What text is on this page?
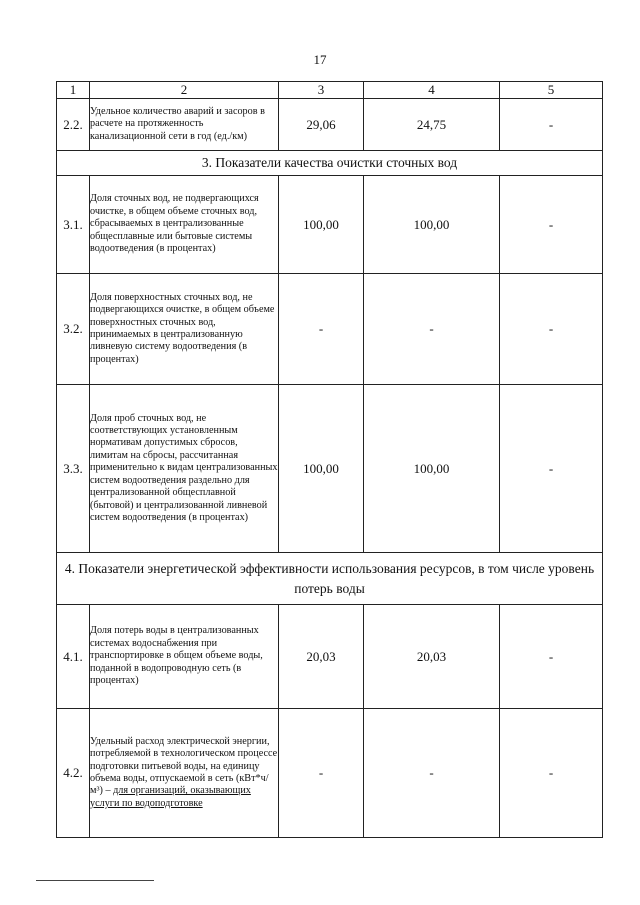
17
1	2	3	4	5
2.2.	Удельное количество аварий и засоров в расчете на протяженность канализационной сети в год (ед./км)	29,06	24,75	-
3. Показатели качества очистки сточных вод				
3.1.	Доля сточных вод, не подвергающихся очистке, в общем объеме сточных вод, сбрасываемых в централизованные общесплавные или бытовые системы водоотведения (в процентах)	100,00	100,00	-
3.2.	Доля поверхностных сточных вод, не подвергающихся очистке, в общем объеме поверхностных сточных вод, принимаемых в централизованную ливневую систему водоотведения (в процентах)	-	-	-
3.3.	Доля проб сточных вод, не соответствующих установленным нормативам допустимых сбросов, лимитам на сбросы, рассчитанная применительно к видам централизованных систем водоотведения раздельно для централизованной общесплавной (бытовой) и централизованной ливневой систем водоотведения (в процентах)	100,00	100,00	-
4. Показатели энергетической эффективности использования ресурсов, в том числе уровень потерь воды				
4.1.	Доля потерь воды в централизованных системах водоснабжения при транспортировке в общем объеме воды, поданной в водопроводную сеть (в процентах)	20,03	20,03	-
4.2.	Удельный расход электрической энергии, потребляемой в технологическом процессе подготовки питьевой воды, на единицу объема воды, отпускаемой в сеть (кВт*ч/м³) – для организаций, оказывающих услуги по водоподготовке	-	-	-
